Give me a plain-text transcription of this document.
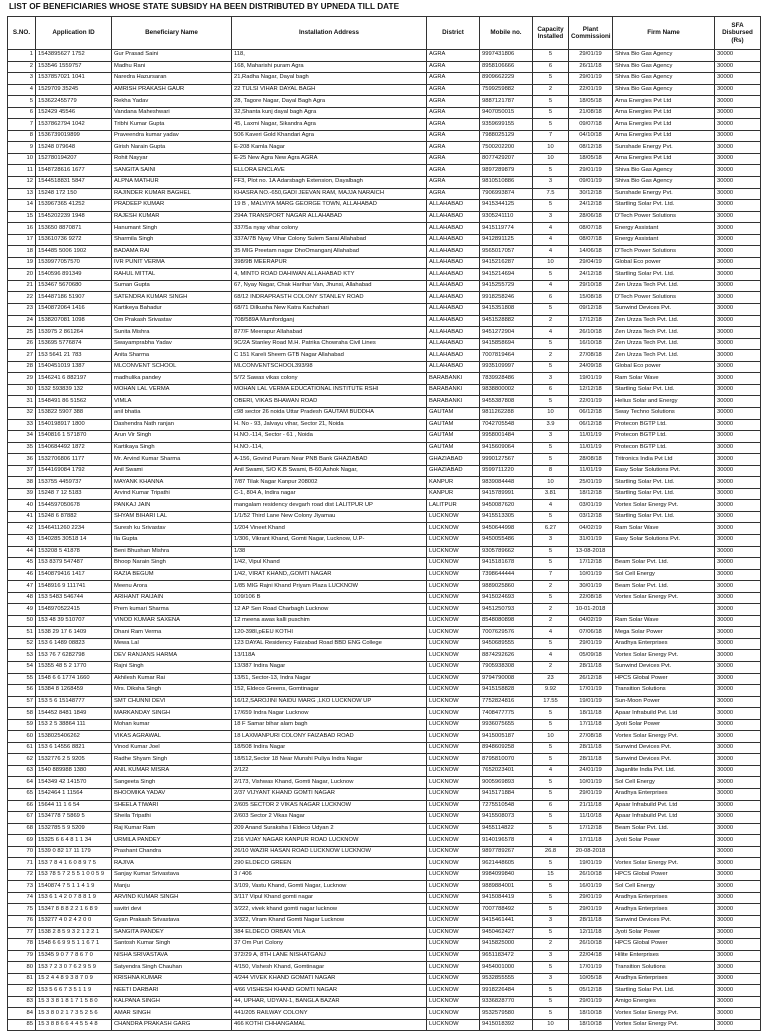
LIST OF BENEFICIARIES WHOSE STATE SUBSIDY HA BEEN DISTRIBUTED BY UPNEDA TILL DATE
S.NO.	Application ID	Beneficiary Name	Installation Address	District	Mobile no.	Capacity Installed	Plant Commissioni	Firm Name	SFA Disbursed (Rs)
1	1543895627 1752	Gur Prasad Saini	118,	AGRA	9997431806	5	29/01/19	Shiva Bio Gas Agency	30000
2	153546 1559757	Madhu Rani	168, Maharishi puram Agra	AGRA	8958106666	6	26/11/18	Shiva Bio Gas Agency	30000
3	1537857021 1041	Naredra Hazursaran	21,Radha Nagar, Dayal bagh	AGRA	8909662229	5	29/01/19	Shiva Bio Gas Agency	30000
4	1529709 35245	AMRISH PRAKASH GAUR	22 TULSI VIHAR DAYAL BAGH	AGRA	7599259882	2	22/01/19	Shiva Bio Gas Agency	30000
5	153622455779	Rekha Yadav	28, Tagore Nagar, Dayal Bagh Agra	AGRA	9887121787	5	18/05/18	Arna Energies Pvt Ltd	30000
6	152429 45546	Vandana Maheshwari	32,Shanta kunj dayal bagh Agra	AGRA	9407050015	5	21/08/18	Arna Energies Pvt Ltd	30000
7	1537862794 1042	Tribhi Kumar Gupta	45, Laxmi Nagar, Sikandra Agra	AGRA	9359699155	5	09/07/18	Arna Energies Pvt Ltd	30000
8	1536739019899	Praveendra kumar yadav	506 Kaveri Gold Khandari Agra	AGRA	7988025129	7	04/10/18	Arna Energies Pvt Ltd	30000
9	15248 079648	Girish Narain Gupta	E-208 Kamla Nagar	AGRA	7500202200	10	08/12/18	Sunshade Energy Pvt.	30000
10	152780194207	Rohit Nayyar	E-25 New Agra New Agra AGRA	AGRA	8077429207	10	18/05/18	Arna Energies Pvt Ltd	30000
11	1548728616 1677	SANGITA SAINI	ELLORA ENCLAVE	AGRA	9897289879	5	29/01/19	Shiva Bio Gas Agency	30000
12	1544518831 5847	ALPNA MATHUR	FF3, Plot no. 1A Adarsbagh Extension, Dayalbagh	AGRA	9810510886	3	09/01/19	Shiva Bio Gas Agency	30000
13	15248 172 150	RAJINDER KUMAR BAGHEL	KHASRA NO.-650,GADI JEEVAN RAM, MAJJA NARAICH	AGRA	7906993874	7.5	30/12/18	Sunshade Energy Pvt.	30000
14	153967365 41252	PRADEEP KUMAR	19 B , MALVIYA MARG GEORGE TOWN, ALLAHABAD	ALLAHABAD	9415344125	5	24/12/18	Startling Solar Pvt. Ltd.	30000
15	1545202239 1948	RAJESH KUMAR	294A TRANSPORT NAGAR ALLAHABAD	ALLAHABAD	9305241110	3	28/06/18	D'Tech Power Solutions	30000
16	153650 8870871	Hanumant Singh	337/5a nyay vihar colony	ALLAHABAD	9415119774	4	08/07/18	Energy Assistant	30000
17	153610736 9272	Sharmila Singh	337A/7B Nyay Vihar Colony Sulem Sarai Allahabad	ALLAHABAD	9412891125	4	08/07/18	Energy Assistant	30000
18	154485 5006 1902	BADAMA RAI	35 MIG Preetam nagar DhoOmanganj Allahabad	ALLAHABAD	9565017057	4	14/06/18	D'Tech Power Solutions	30000
19	1539977057570	IVR PUNIT VERMA	398/9B MEERAPUR	ALLAHABAD	9415216287	10	29/04/19	Global Eco power	30000
20	1540596 891349	RAHUL MITTAL	4, MINTO ROAD DAHIWAN ALLAHABAD KTY	ALLAHABAD	9415214694	5	24/12/18	Startling Solar Pvt. Ltd.	30000
21	153467 5670680	Suman Gupta	67, Nyay Nagar, Chak Harihar Van, Jhunsi, Allahabad	ALLAHABAD	9415255729	4	29/10/18	Zen Urzza Tech Pvt. Ltd.	30000
22	154487186 51907	SATENDRA KUMAR SINGH	68/12 INDRAPRASTH COLONY STANLEY ROAD	ALLAHABAD	9918258246	6	15/08/18	D'Tech Power Solutions	30000
23	1540872064 1416	Kartikeya Bahadur	68/71 Dilkusha New Katra Kachahari	ALLAHABAD	9415351808	5	09/12/18	Sunwind Devices Pvt.	30000
24	1538207081 1098	Om Prakash Srivastav	708/589A Mumfordganj	ALLAHABAD	9451528882	2	17/12/18	Zen Urzza Tech Pvt. Ltd.	30000
25	153975 2 861264	Sunita Mishra	877/F Meerapur Allahabad	ALLAHABAD	9451272904	4	26/10/18	Zen Urzza Tech Pvt. Ltd.	30000
26	153695 5776874	Swayamprabha Yadav	9C/2A Stanley Road M.H. Patrika Chowraha Civil Lines	ALLAHABAD	9415858694	5	16/10/18	Zen Urzza Tech Pvt. Ltd.	30000
27	153 5641 21 783	Anita Sharma	C 151 Kareli Sheem GTB Nagar Allahabad	ALLAHABAD	7007819464	2	27/08/18	Zen Urzza Tech Pvt. Ltd.	30000
28	1540451019 1387	MLCONVENT SCHOOL	MLCONVENTSCHOOL393/98	ALLAHABAD	9935109997	5	24/09/18	Global Eco power	30000
29	1546241 6 882197	madhulika pandey	5/72 Sawas vikas colony	BARABANKI	7839928486	3	19/01/19	Ram Solar Wave	30000
30	1532 593839 132	MOHAN LAL VERMA	MOHAN LAL VERMA EDUCATIONAL INSTITUTE RSHI	BARABANKI	9838800002	6	12/12/18	Startling Solar Pvt. Ltd.	30000
31	1548491 86 51562	VIMLA	OBERI, VIKAS BHAWAN ROAD	BARABANKI	9455387808	5	22/01/19	Helius Solar and Energy	30000
32	153822 5907 388	anil bhatia	c98 sector 26 noida Uttar Pradesh GAUTAM BUDDHA	GAUTAM	9811262288	10	06/12/18	Sway Techno Solutions	30000
33	1540198917 1800	Dashendra Nath ranjan	H. No - 93, Jalvayu vihar, Sector 21, Noida	GAUTAM	7042705548	3.9	06/12/18	Protecon BGTP Ltd.	30000
34	1540816 1 571870	Arun Vir Singh	H.NO.-114, Sector - 61 , Noida	GAUTAM	9958001484	3	11/01/19	Protecon BGTP Ltd.	30000
35	1540684492 1872	Kartikaya Singh	H.NO.-114,	GAUTAM	9415609064	5	11/01/19	Protecon BGTP Ltd.	30000
36	1532706806 1177	Mr. Arvind Kumar Sharma	A-156, Govind Puram Near PNB Bank GHAZIABAD	GHAZIABAD	9990127567	5	28/08/18	Tritronics India Pvt Ltd	30000
37	1544169084 1792	Anil Swami	Anil Swami, S/O K.B Swami, B-60,Ashok Nagar,	GHAZIABAD	9599711220	8	11/01/19	Easy Solar Solutions Pvt.	30000
38	153755 4459737	MAYANK KHANNA	7/87 Tilak Nagar Kanpur 208002	KANPUR	9839084448	10	25/01/19	Startling Solar Pvt. Ltd.	30000
39	15248 7 12 5183	Arvind Kumar Tripathi	C-1, 804 A, Indira nagar	KANPUR	9415789991	3.81	18/12/18	Startling Solar Pvt. Ltd.	30000
40	1544597050678	PANKAJ JAIN	mangalam residency devgarh road dist LALITPUR UP	LALITPUR	9450087620	4	03/01/19	Vortex Solar Energy Pvt.	30000
41	15248 6 87882	SHYAM BIHARI LAL	1/1/52 Third Lane New Colony Jiyamau	LUCKNOW	9415513305	5	03/12/18	Startling Solar Pvt. Ltd.	30000
42	1546411260 2234	Suresh ku Srivastav	1/204 Vineet Khand	LUCKNOW	9450644998	6.27	04/02/19	Ram Solar Wave	30000
43	1540285 30518 14	Ila Gupta	1/306, Vikrant Khand, Gomti Nagar, Lucknow, U.P-	LUCKNOW	9450055486	3	31/01/19	Easy Solar Solutions Pvt.	30000
44	153208 5 41878	Beni Bhushan Mishra	1/38	LUCKNOW	9305789662	5	13-08-2018		30000
45	153 8379 547487	Bhoop Narain Singh	1/42, Vipul Khand	LUCKNOW	9415181678	5	17/12/18	Beam Solar Pvt. Ltd.	30000
46	1540879416 1417	RAZIA BEGUM	1/42, VIRAT KHAND,,GOMTI NAGAR	LUCKNOW	7398644444	7	10/01/19	Sol Cell Energy	30000
47	1548916 9 111741	Meenu Arora	1/85 MIG Rajni Khand Priyam Plaza LUCKNOW	LUCKNOW	9889025860	2	30/01/19	Beam Solar Pvt. Ltd.	30000
48	153 5483 546744	ARIHANT RAIJAIN	109/106 B	LUCKNOW	9415024693	5	22/08/18	Vortex Solar Energy Pvt.	30000
49	1548970522415	Prem kumari Sharma	12 AP Sen Road Charbagh Lucknow	LUCKNOW	9451250793	2	10-01-2018		30000
50	153 48 39 510707	VINOD KUMAR SAXENA	12 meena awas kalli puschim	LUCKNOW	8548080898	2	04/02/19	Ram Solar Wave	30000
51	1538 29 17 6 1409	Dhani Ram Verma	120-398I,pEEU KOTHI	LUCKNOW	7007629576	4	07/06/18	Mega Solar Power	30000
52	153 6 1489 08823	Mewa Lal	123 DAYAL Residency Faizabad Road BBD ENG College	LUCKNOW	9450689555	5	29/01/19	Aradhya Enterprises	30000
53	153 76 7 6282798	DEV RANJANS HARMA	13/118A	LUCKNOW	8874292626	4	05/09/18	Vortex Solar Energy Pvt.	30000
54	15355 48 5 2 1770	Rajni Singh	13/387 Indira Nagar	LUCKNOW	7905938308	2	28/11/18	Sunwind Devices Pvt.	30000
55	1548 6 6 1774 1660	Akhilesh Kumar Rai	13/51, Sector-13, Indra Nagar	LUCKNOW	9794790008	23	26/12/18	HPCS Global Power	30000
56	15384 8 1268459	Mrs. Diksha Singh	152, Eldeco Greens, Gomtinagar	LUCKNOW	9415158828	9.92	17/01/19	Transition Solutions	30000
57	153 5 6 15148777	SMT CHUNNI DEVI	16/12,SAROJINI NAIDU MARG ,LKO LUCKNOW UP	LUCKNOW	7752824816	17.55	19/01/19	Sun-Moon Power	30000
58	154452 8481 1849	MARKANDAY SINGH	17/659 Indra Nagar Lucknow	LUCKNOW	7408477775	5	18/11/18	Apaar Infrabuild Pvt. Ltd	30000
59	153 2 5 38864 111	Mohan kumar	18 F Samar bihar alam bagh	LUCKNOW	9936075655	5	17/11/18	Jyoti Solar Power	30000
60	1538025406262	VIKAS AGRAWAL	18 LAXMANPURI COLONY FAIZABAD ROAD	LUCKNOW	9415005187	10	27/08/18	Vortex Solar Energy Pvt.	30000
61	153 6 14556 8821	Vinod Kumar Joel	18/508 Indira Nagar	LUCKNOW	8948609258	5	28/11/18	Sunwind Devices Pvt.	30000
62	1532776 2 5 9205	Radhe Shyam Singh	18/512,Sector 18 Near Munshi Puliya Indra Nagar	LUCKNOW	8795810070	5	28/11/18	Sunwind Devices Pvt.	30000
63	1540 889988 1380	ANIL KUMAR MISRA	2/122	LUCKNOW	7652023401	4	24/01/19	Jaganlite India Pvt. Ltd.	30000
64	154349 42 141570	Sangeeta Singh	2/173, Vishwas Khand, Gomti Nagar, Lucknow	LUCKNOW	9005969893	5	10/01/19	Sol Cell Energy	30000
65	1542464 1 11564	BHOOMIKA YADAV	2/37 VIJYANT KHAND GOMTI NAGAR	LUCKNOW	9415171884	5	29/01/19	Aradhya Enterprises	30000
66	15644 11 1 6 54	SHEELA TIWARI	2/605 SECTOR 2 VIKAS NAGAR LUCKNOW	LUCKNOW	7275510548	6	21/11/18	Apaar Infrabuild Pvt. Ltd	30000
67	1534778 7 5869 5	Sheila Tripathi	2/603 Sector 2 Vikas Nagar	LUCKNOW	9415508073	5	11/10/18	Apaar Infrabuild Pvt. Ltd	30000
68	1532785 5 9 5209	Raj Kumar Ram	209 Anand Suraksha I Eldeco Udyan 2	LUCKNOW	9455114822	5	17/12/18	Beam Solar Pvt. Ltd.	30000
69	15325 6 6 4 8 1 1 34	URMILA PANDEY	216 VIJAY NAGAR KANPUR ROAD LUCKNOW	LUCKNOW	9140196578	4	17/11/18	Jyoti Solar Power	30000
70	1539 0 82 17 11 179	Prashant Chandra	26/10 WAZIR HASAN ROAD LUCKNOW LUCKNOW	LUCKNOW	9897789267	26.8	20-08-2018		30000
71	153 7 8 4 1 6 0 8 9 7 5	RAJIVA	290 ELDECO GREEN	LUCKNOW	9621448605	5	19/01/19	Vortex Solar Energy Pvt.	30000
72	153 78 5 7 2 5 5 1 0 0 5 9	Sanjay Kumar Srivastava	3 / 406	LUCKNOW	9984099840	15	26/10/18	HPCS Global Power	30000
73	1540874 7 5 1 1 4 1 9	Manju	3/109, Vastu Khand, Gomti Nagar, Lucknow	LUCKNOW	9889884001	5	16/01/19	Sol Cell Energy	30000
74	153 6 1 4 2 0 7 8 8 1 9	ARVIND KUMAR SINGH	3/117 Vipul Khand gomti nagar	LUCKNOW	9415084419	5	29/01/19	Aradhya Enterprises	30000
75	15347 8 8 8 2 2 1 6 8 9	savitri devi	3/222, vivek khand gomti nagar lucknow	LUCKNOW	7007788492	5	29/01/19	Aradhya Enterprises	30000
76	153277 4 0 2 4 2 0 0	Gyan Prakash Srivastava	3/322, Viram Khand Gomti Nagar Lucknow	LUCKNOW	9415461441	3	28/11/18	Sunwind Devices Pvt.	30000
77	1538 2 8 5 9 3 2 1 2 2 1	SANGITA PANDEY	384 ELDECO ORBAN VILA	LUCKNOW	9450462427	5	12/11/18	Jyoti Solar Power	30000
78	1548 6 6 9 9 5 1 1 6 7 1	Santosh Kumar Singh	37 Om Puri Colony	LUCKNOW	9415825000	2	26/10/18	HPCS Global Power	30000
79	15345 9 0 7 7 8 6 7 0	NISHA SRIVASTAVA	372/29 A, 8TH LANE NISHATGANJ	LUCKNOW	9651183472	3	22/04/18	Hilite Enterprises	30000
80	153 7 2 3 0 7 6 2 9 5 9	Satyendra Singh Chauhan	4/150, Vishesh Khand, Gomtinagar	LUCKNOW	9454001000	5	17/01/19	Transition Solutions	30000
81	15 2 4 4 8 9 3 8 7 0 9	KRISHNA KUMAR	4/244 VIVEK KHAND GOMATI NAGAR	LUCKNOW	9532855555	3	10/05/18	Aradhya Enterprises	30000
82	153 5 6 6 7 3 5 1 1 9	NEETI DARBARI	4/66 VISHESH KHAND GOMTI NAGAR	LUCKNOW	9918226484	5	05/12/18	Startling Solar Pvt. Ltd.	30000
83	15 3 3 8 1 8 1 7 1 5 8 0	KALPANA SINGH	44, UPHAR, UDYAN-1, BANGLA BAZAR	LUCKNOW	9336828770	5	29/01/19	Amigo Energies	30000
84	15 3 8 0 2 1 7 3 5 2 5 6	AMAR SINGH	441/205 RAILWAY COLONY	LUCKNOW	9532579580	5	18/10/18	Vortex Solar Energy Pvt.	30000
85	15 3 8 8 6 6 4 4 5 5 4 8	CHANDRA PRAKASH GARG	466 KOTHI CHHANGAMAL	LUCKNOW	9415018392	10	18/10/18	Vortex Solar Energy Pvt.	30000
